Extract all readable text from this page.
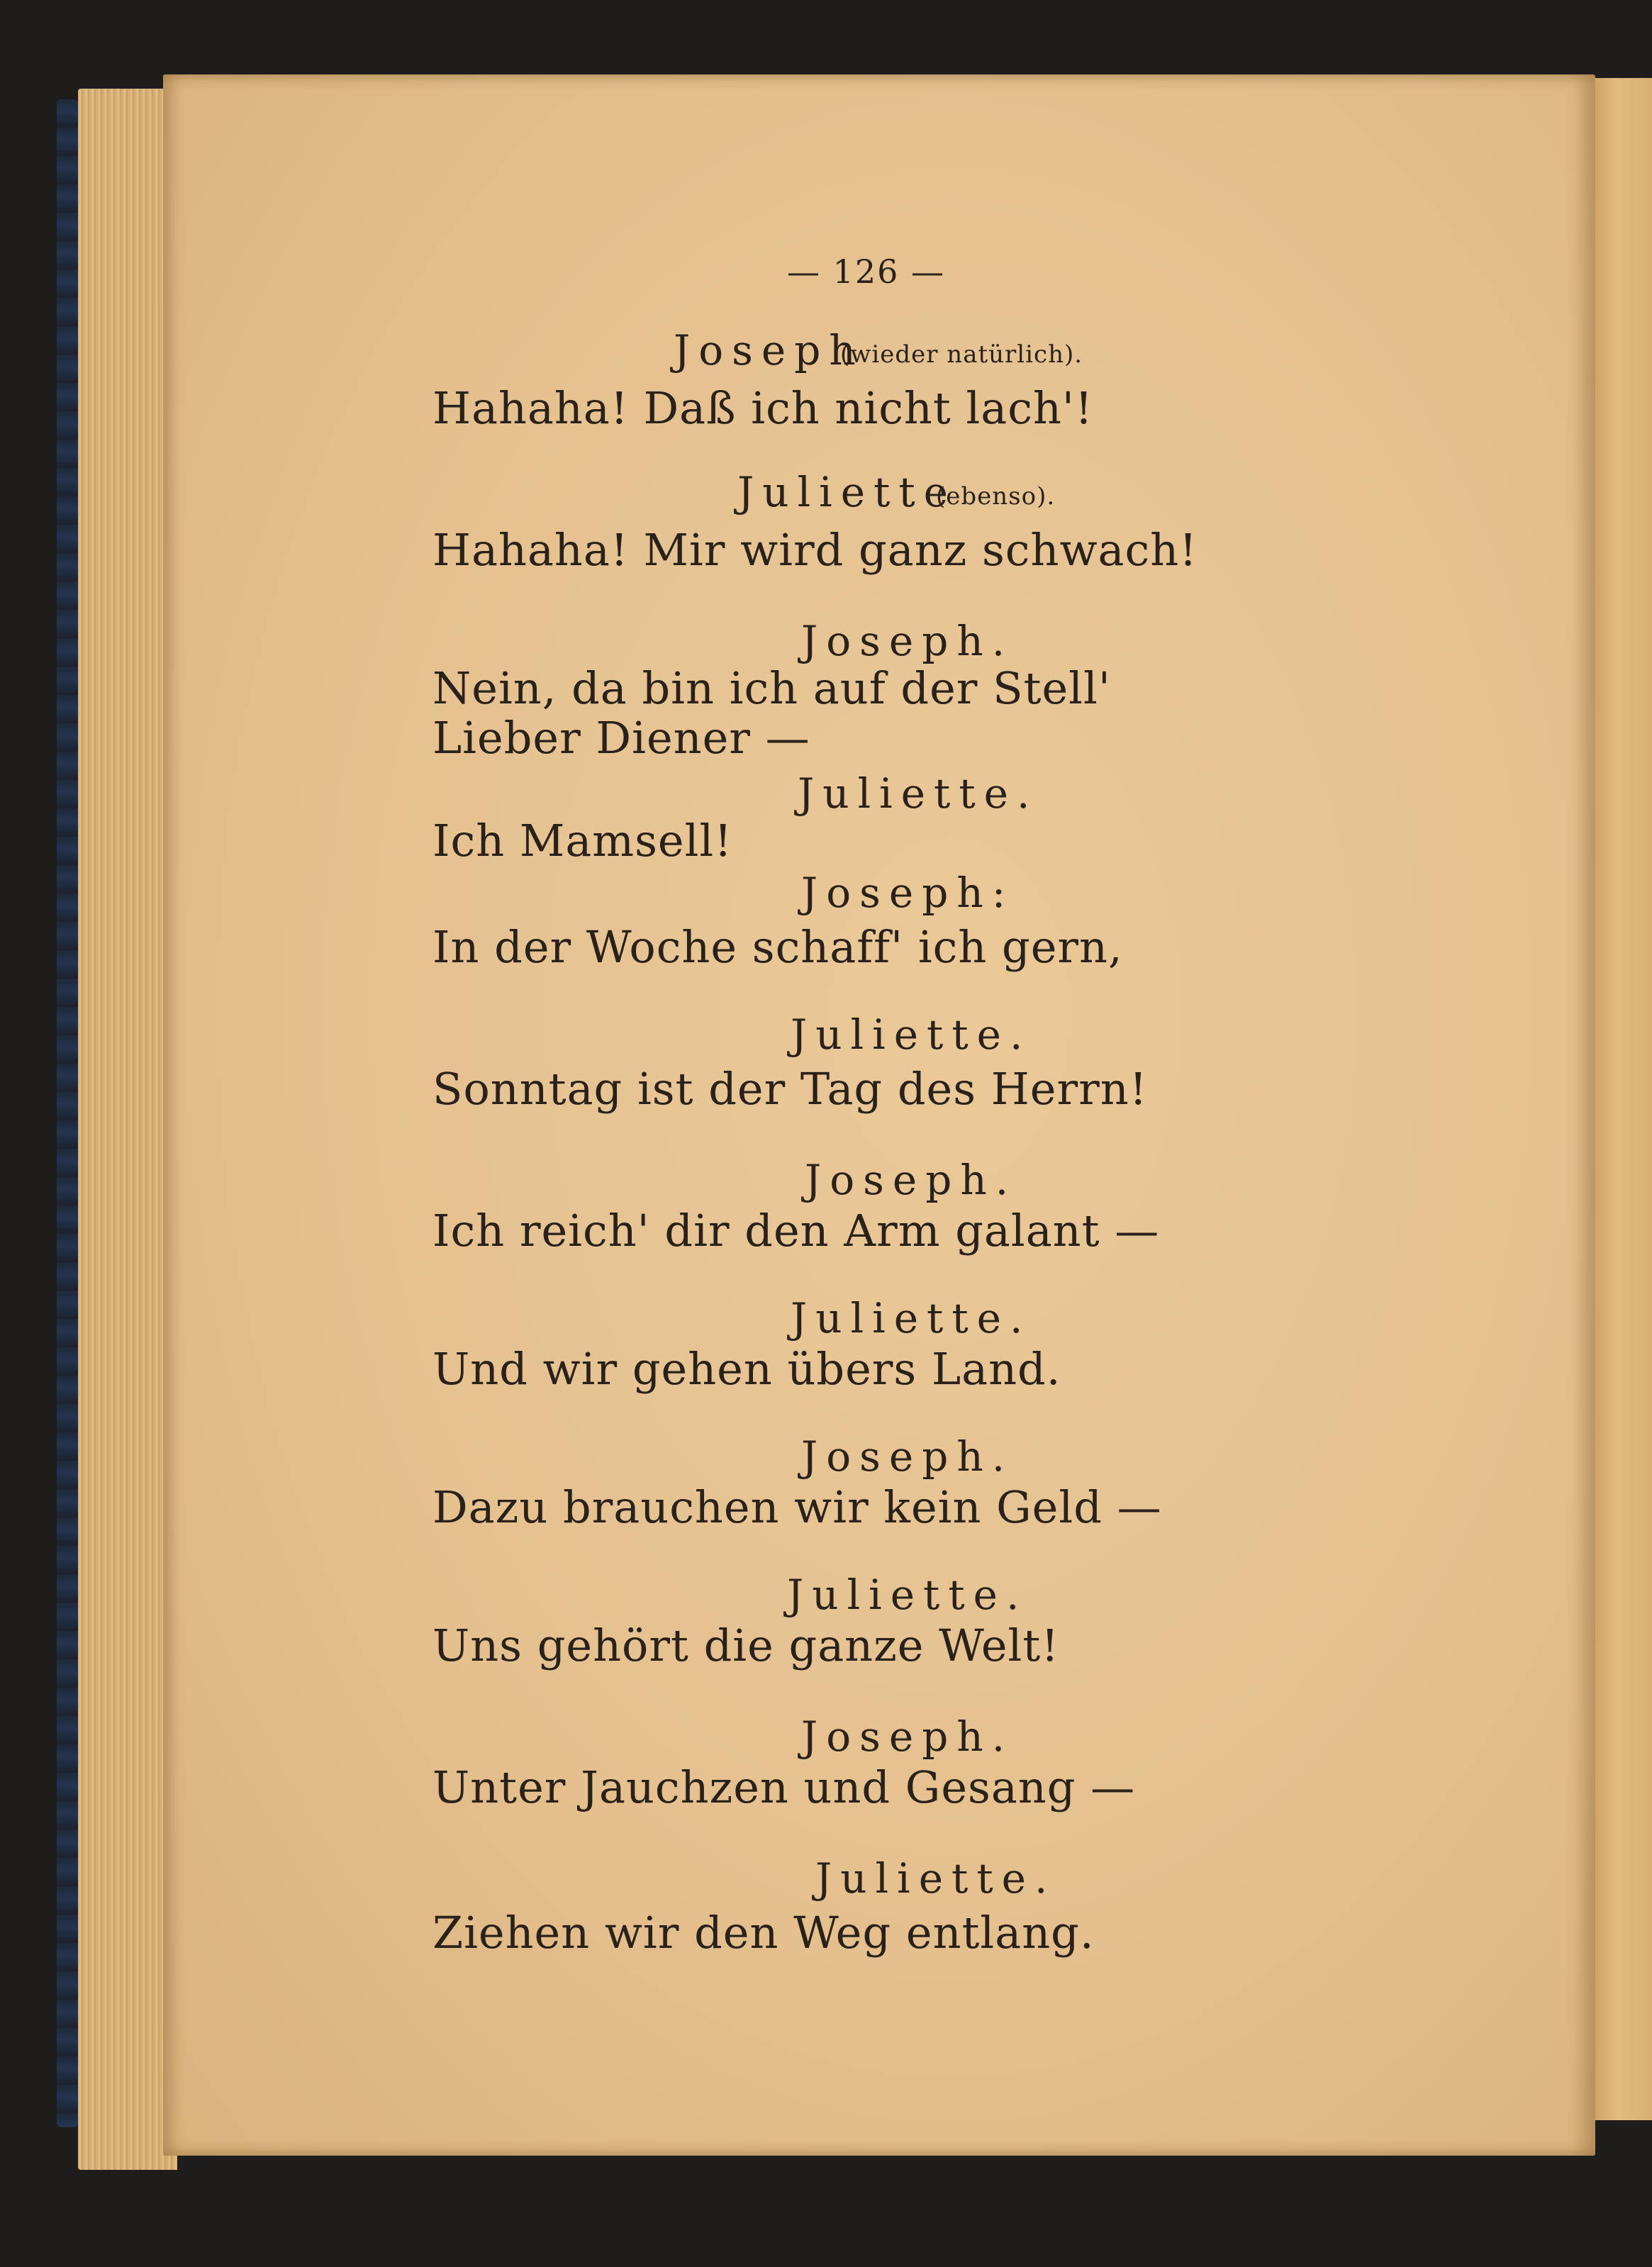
— 126 —
Joseph
(wieder natürlich).
Hahaha! Daß ich nicht lach'!
Juliette
(ebenso).
Hahaha! Mir wird ganz schwach!
Joseph.
Nein, da bin ich auf der Stell'
Lieber Diener —
Juliette.
Ich Mamsell!
Joseph:
In der Woche schaff' ich gern,
Juliette.
Sonntag ist der Tag des Herrn!
Joseph.
Ich reich' dir den Arm galant —
Juliette.
Und wir gehen übers Land.
Joseph.
Dazu brauchen wir kein Geld —
Juliette.
Uns gehört die ganze Welt!
Joseph.
Unter Jauchzen und Gesang —
Juliette.
Ziehen wir den Weg entlang.
